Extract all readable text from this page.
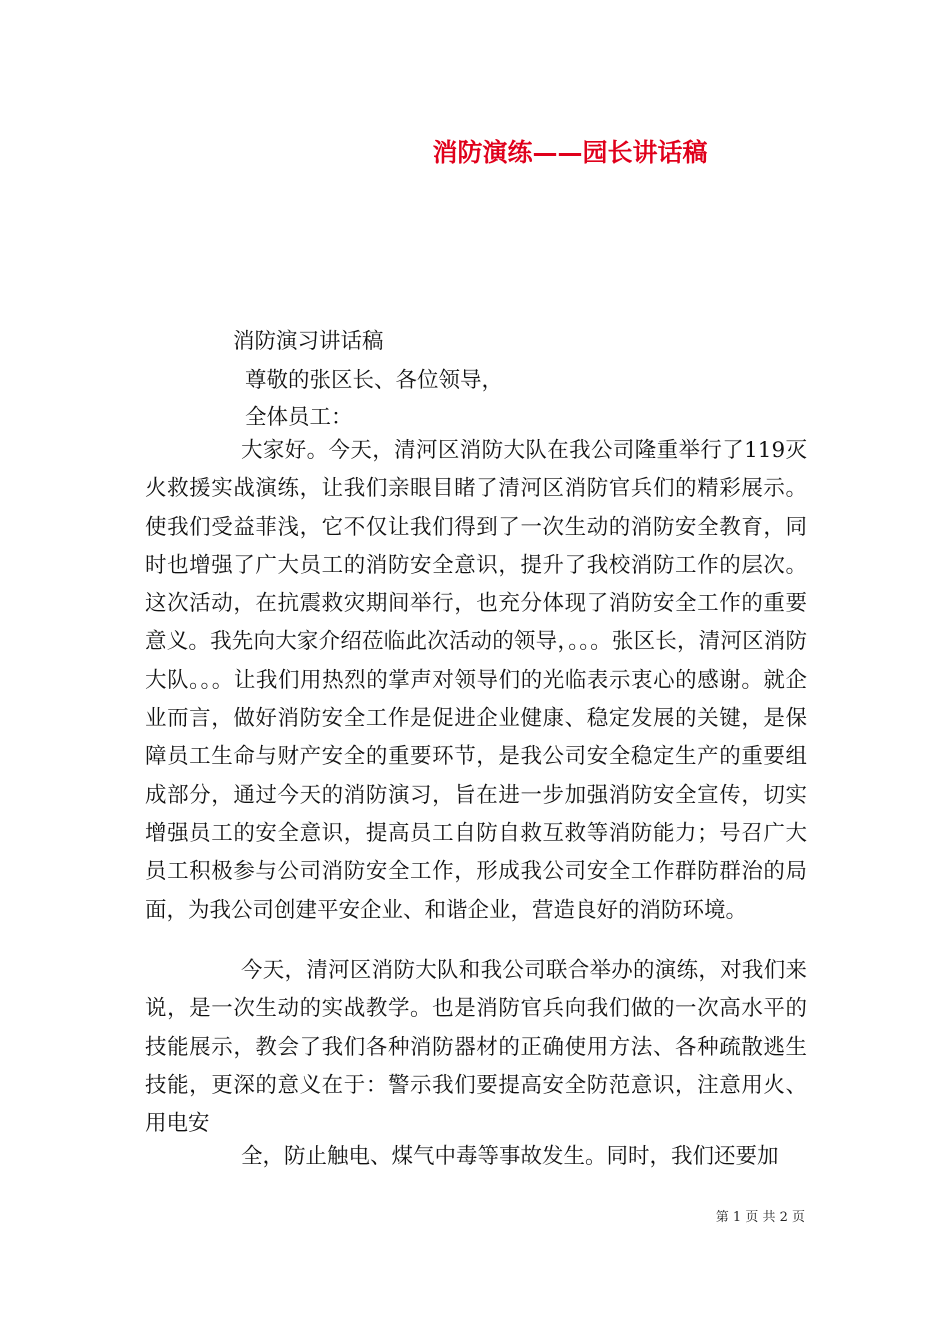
消防演练——园长讲话稿
消防演习讲话稿
尊敬的张区长、各位领导，
全体员工：

大家好。今天，清河区消防大队在我公司隆重举行了119灭火救援实战演练，让我们亲眼目睹了清河区消防官兵们的精彩展示。使我们受益菲浅，它不仅让我们得到了一次生动的消防安全教育，同时也增强了广大员工的消防安全意识，提升了我校消防工作的层次。这次活动，在抗震救灾期间举行，也充分体现了消防安全工作的重要意义。我先向大家介绍莅临此次活动的领导，。。。张区长，清河区消防大队。。。让我们用热烈的掌声对领导们的光临表示衷心的感谢。就企业而言，做好消防安全工作是促进企业健康、稳定发展的关键，是保障员工生命与财产安全的重要环节，是我公司安全稳定生产的重要组成部分，通过今天的消防演习，旨在进一步加强消防安全宣传，切实增强员工的安全意识，提高员工自防自救互救等消防能力；号召广大员工积极参与公司消防安全工作，形成我公司安全工作群防群治的局面，为我公司创建平安企业、和谐企业，营造良好的消防环境。

今天，清河区消防大队和我公司联合举办的演练，对我们来说，是一次生动的实战教学。也是消防官兵向我们做的一次高水平的技能展示，教会了我们各种消防器材的正确使用方法、各种疏散逃生技能，更深的意义在于：警示我们要提高安全防范意识，注意用火、用电安

全，防止触电、煤气中毒等事故发生。同时，我们还要加

第 1 页 共 2 页
